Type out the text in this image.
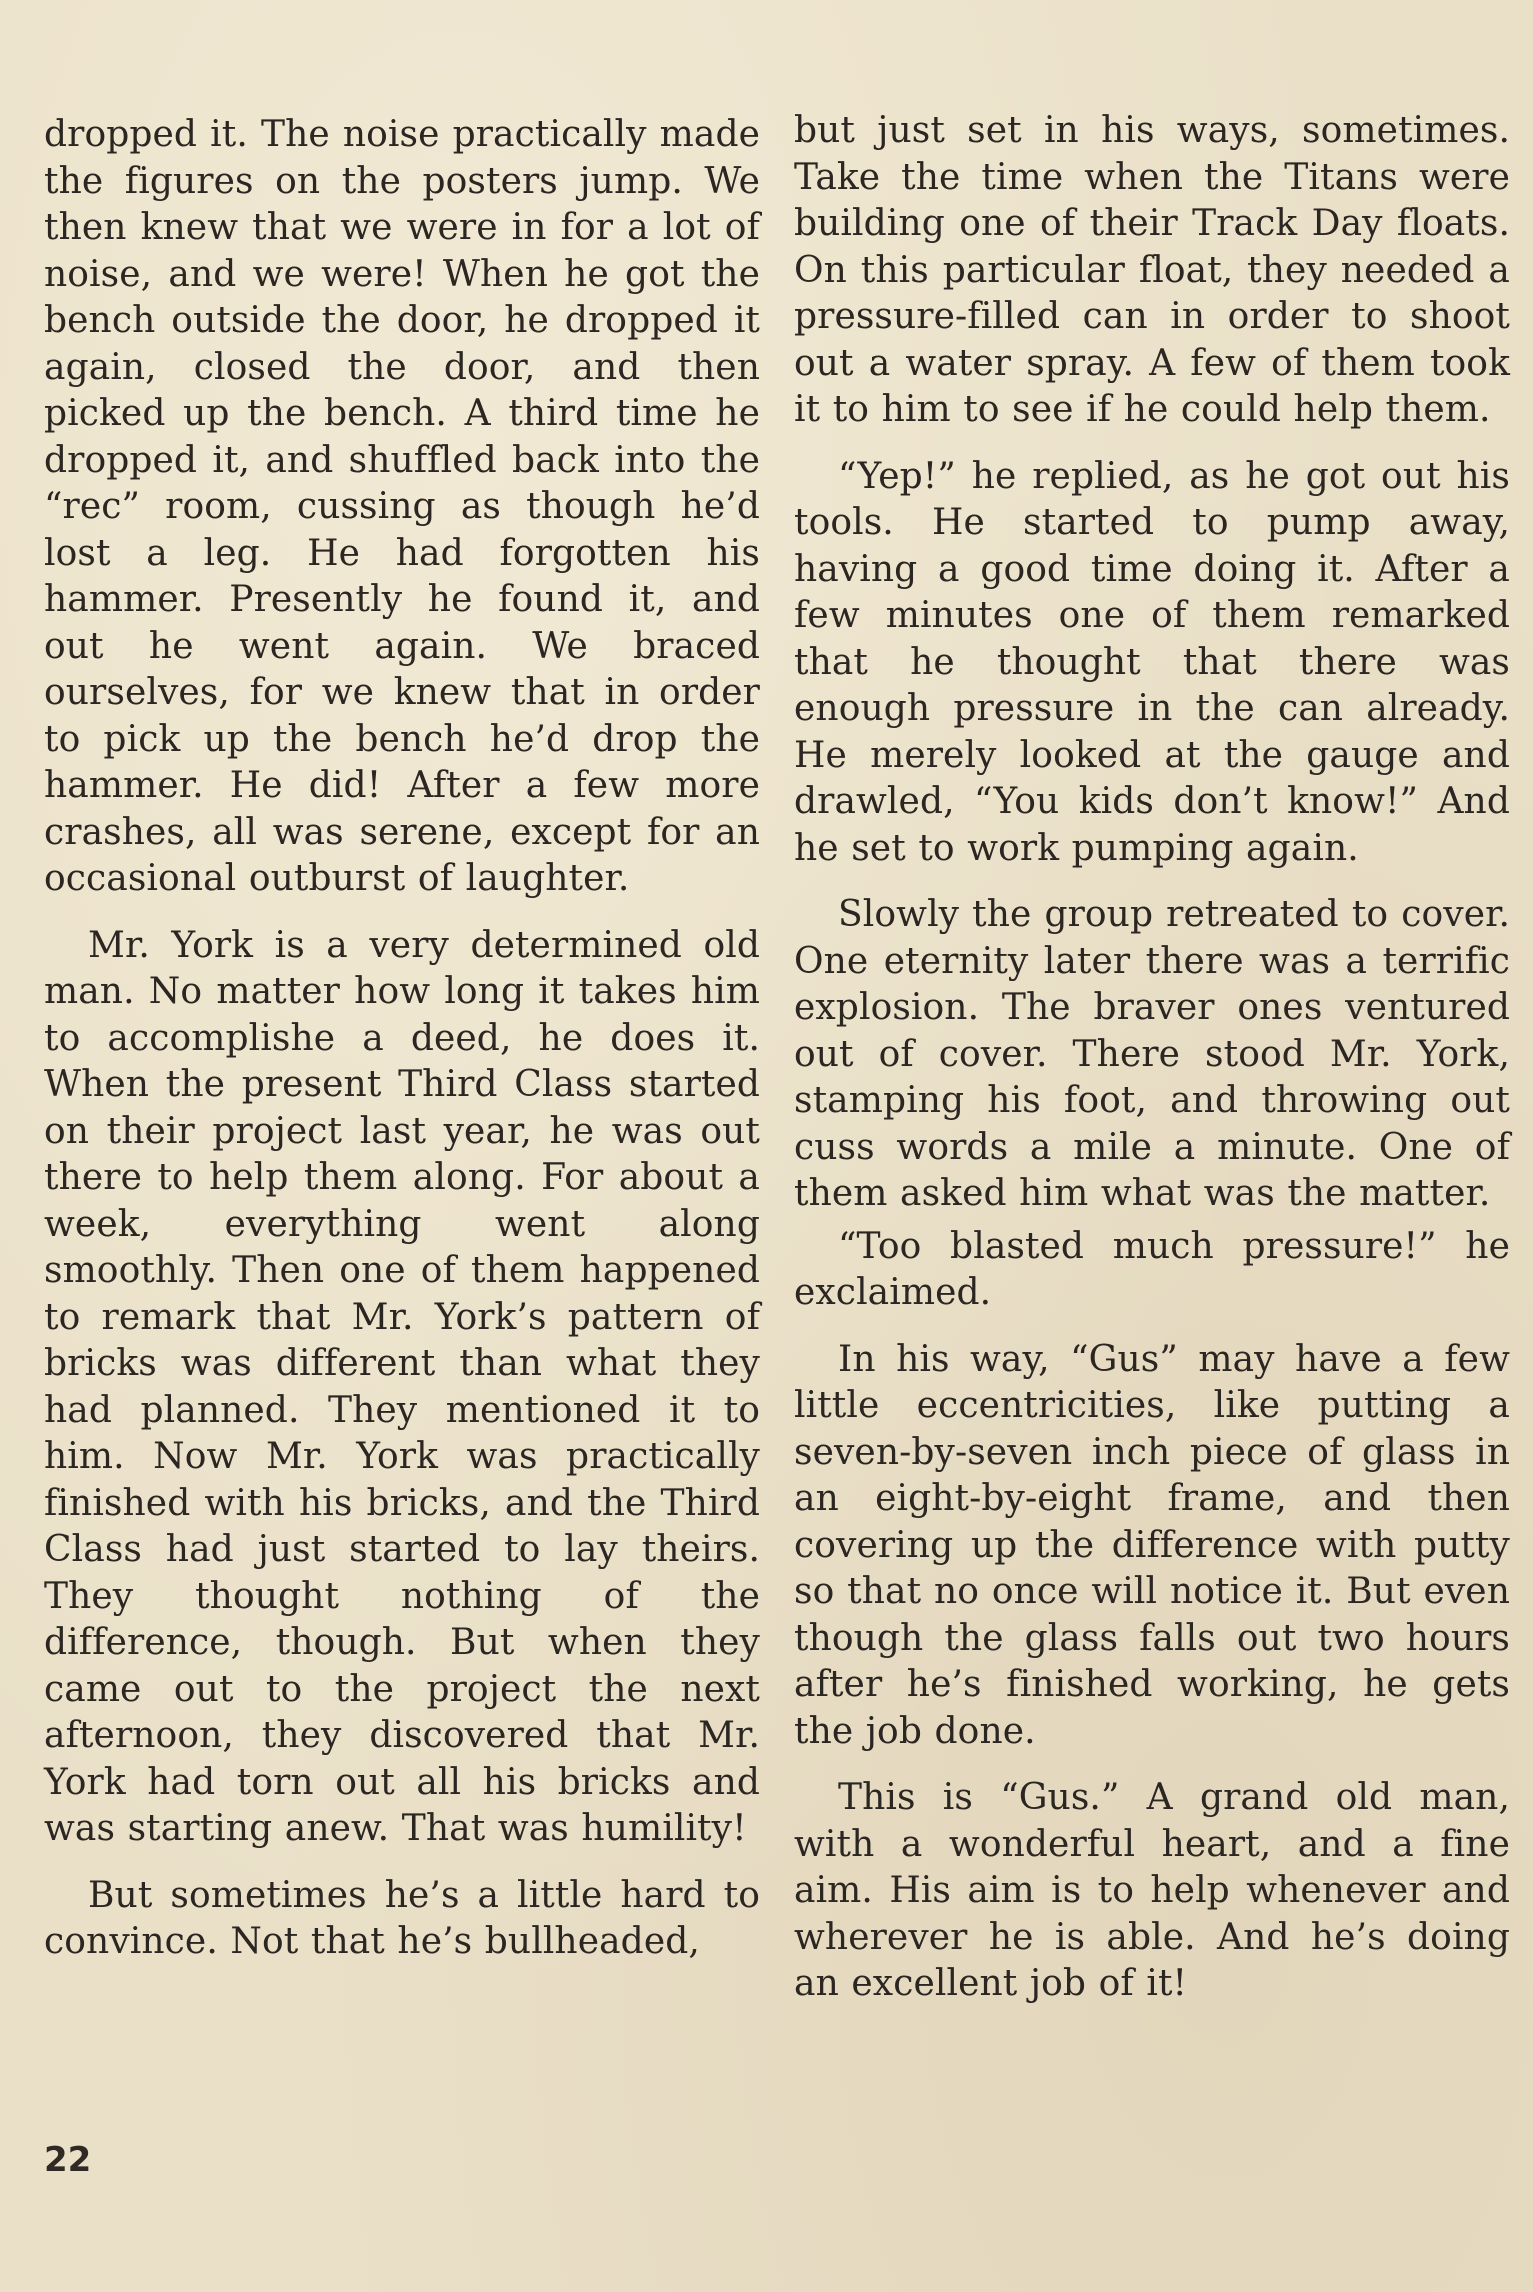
dropped it. The noise practically made the figures on the posters jump. We then knew that we were in for a lot of noise, and we were! When he got the bench outside the door, he dropped it again, closed the door, and then picked up the bench. A third time he dropped it, and shuffled back into the “rec” room, cussing as though he’d lost a leg. He had forgotten his hammer. Presently he found it, and out he went again. We braced ourselves, for we knew that in order to pick up the bench he’d drop the hammer. He did! After a few more crashes, all was serene, except for an occasional outburst of laughter.

Mr. York is a very determined old man. No matter how long it takes him to accomplishe a deed, he does it. When the present Third Class started on their project last year, he was out there to help them along. For about a week, everything went along smoothly. Then one of them happened to remark that Mr. York’s pattern of bricks was different than what they had planned. They mentioned it to him. Now Mr. York was practically finished with his bricks, and the Third Class had just started to lay theirs. They thought nothing of the difference, though. But when they came out to the project the next afternoon, they discovered that Mr. York had torn out all his bricks and was starting anew. That was humility!

But sometimes he’s a little hard to convince. Not that he’s bullheaded,

but just set in his ways, sometimes. Take the time when the Titans were building one of their Track Day floats. On this particular float, they needed a pressure-filled can in order to shoot out a water spray. A few of them took it to him to see if he could help them.

“Yep!” he replied, as he got out his tools. He started to pump away, having a good time doing it. After a few minutes one of them remarked that he thought that there was enough pressure in the can already. He merely looked at the gauge and drawled, “You kids don’t know!” And he set to work pumping again.

Slowly the group retreated to cover. One eternity later there was a terrific explosion. The braver ones ventured out of cover. There stood Mr. York, stamping his foot, and throwing out cuss words a mile a minute. One of them asked him what was the matter.

“Too blasted much pressure!” he exclaimed.

In his way, “Gus” may have a few little eccentricities, like putting a seven-by-seven inch piece of glass in an eight-by-eight frame, and then covering up the difference with putty so that no once will notice it. But even though the glass falls out two hours after he’s finished working, he gets the job done.

This is “Gus.” A grand old man, with a wonderful heart, and a fine aim. His aim is to help whenever and wherever he is able. And he’s doing an excellent job of it!

22
